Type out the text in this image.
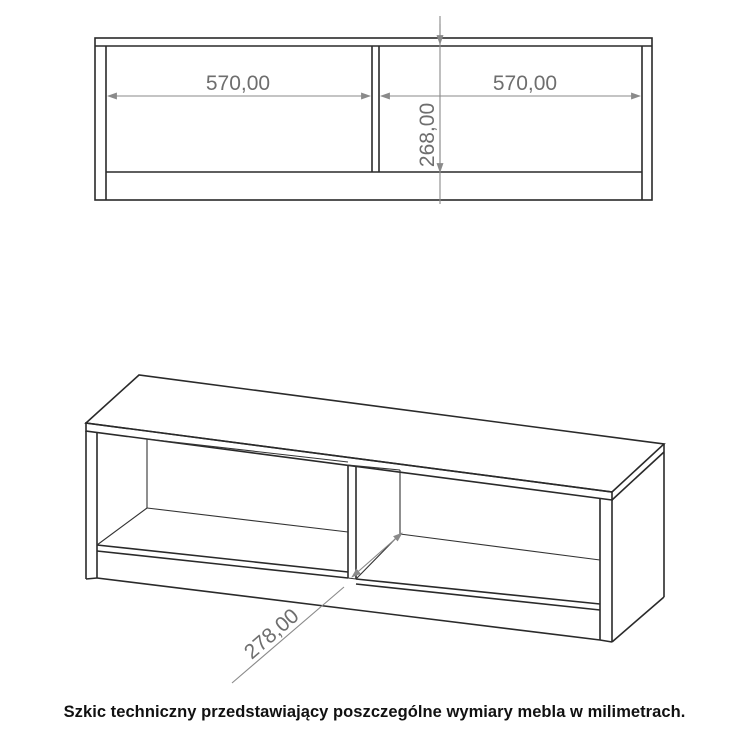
570,00	570,00
268,00
278,00
Szkic techniczny przedstawiający poszczególne wymiary mebla w milimetrach.
